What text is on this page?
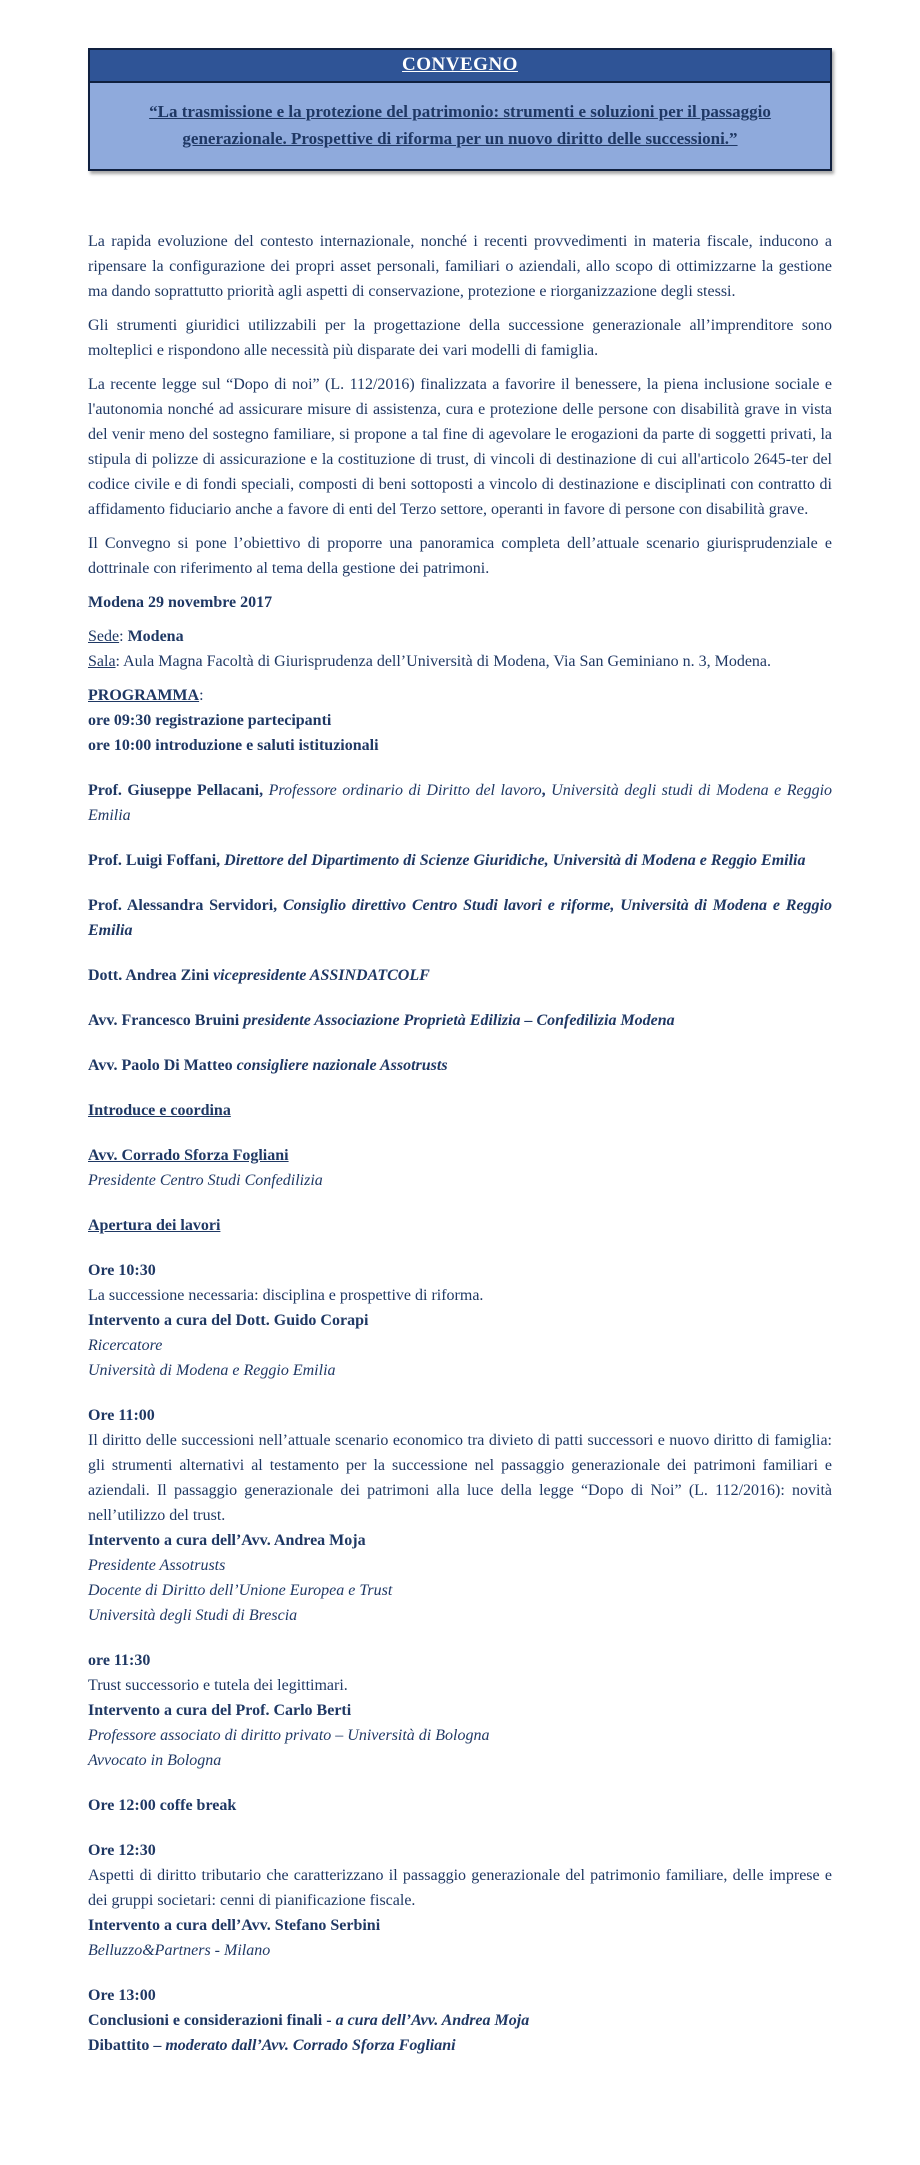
CONVEGNO
“La trasmissione e la protezione del patrimonio: strumenti e soluzioni per il passaggio generazionale. Prospettive di riforma per un nuovo diritto delle successioni.”

La rapida evoluzione del contesto internazionale, nonché i recenti provvedimenti in materia fiscale, inducono a ripensare la configurazione dei propri asset personali, familiari o aziendali, allo scopo di ottimizzarne la gestione ma dando soprattutto priorità agli aspetti di conservazione, protezione e riorganizzazione degli stessi.

Gli strumenti giuridici utilizzabili per la progettazione della successione generazionale all’imprenditore sono molteplici e rispondono alle necessità più disparate dei vari modelli di famiglia.

La recente legge sul “Dopo di noi” (L. 112/2016) finalizzata a favorire il benessere, la piena inclusione sociale e l'autonomia nonché ad assicurare misure di assistenza, cura e protezione delle persone con disabilità grave in vista del venir meno del sostegno familiare, si propone a tal fine di agevolare le erogazioni da parte di soggetti privati, la stipula di polizze di assicurazione e la costituzione di trust, di vincoli di destinazione di cui all'articolo 2645-ter del codice civile e di fondi speciali, composti di beni sottoposti a vincolo di destinazione e disciplinati con contratto di affidamento fiduciario anche a favore di enti del Terzo settore, operanti in favore di persone con disabilità grave.

Il Convegno si pone l’obiettivo di proporre una panoramica completa dell’attuale scenario giurisprudenziale e dottrinale con riferimento al tema della gestione dei patrimoni.

Modena 29 novembre 2017

Sede: Modena

Sala: Aula Magna Facoltà di Giurisprudenza dell’Università di Modena, Via San Geminiano n. 3, Modena.

PROGRAMMA:

ore 09:30 registrazione partecipanti

ore 10:00 introduzione e saluti istituzionali

Prof. Giuseppe Pellacani, Professore ordinario di Diritto del lavoro, Università degli studi di Modena e Reggio Emilia

Prof. Luigi Foffani, Direttore del Dipartimento di Scienze Giuridiche, Università di Modena e Reggio Emilia

Prof. Alessandra Servidori, Consiglio direttivo Centro Studi lavori e riforme, Università di Modena e Reggio Emilia

Dott. Andrea Zini vicepresidente ASSINDATCOLF

Avv. Francesco Bruini presidente Associazione Proprietà Edilizia – Confedilizia Modena

Avv. Paolo Di Matteo consigliere nazionale Assotrusts

Introduce e coordina

Avv. Corrado Sforza Fogliani

Presidente Centro Studi Confedilizia

Apertura dei lavori

Ore 10:30

La successione necessaria: disciplina e prospettive di riforma.

Intervento a cura del Dott. Guido Corapi

Ricercatore

Università di Modena e Reggio Emilia

Ore 11:00

Il diritto delle successioni nell’attuale scenario economico tra divieto di patti successori e nuovo diritto di famiglia: gli strumenti alternativi al testamento per la successione nel passaggio generazionale dei patrimoni familiari e aziendali. Il passaggio generazionale dei patrimoni alla luce della legge “Dopo di Noi” (L. 112/2016): novità nell’utilizzo del trust.

Intervento a cura dell’Avv. Andrea Moja

Presidente Assotrusts

Docente di Diritto dell’Unione Europea e Trust

Università degli Studi di Brescia

ore 11:30

Trust successorio e tutela dei legittimari.

Intervento a cura del Prof. Carlo Berti

Professore associato di diritto privato – Università di Bologna

Avvocato in Bologna

Ore 12:00 coffe break

Ore 12:30

Aspetti di diritto tributario che caratterizzano il passaggio generazionale del patrimonio familiare, delle imprese e dei gruppi societari: cenni di pianificazione fiscale.

Intervento a cura dell’Avv. Stefano Serbini

Belluzzo&Partners - Milano

Ore 13:00

Conclusioni e considerazioni finali - a cura dell’Avv. Andrea Moja

Dibattito – moderato dall’Avv. Corrado Sforza Fogliani
